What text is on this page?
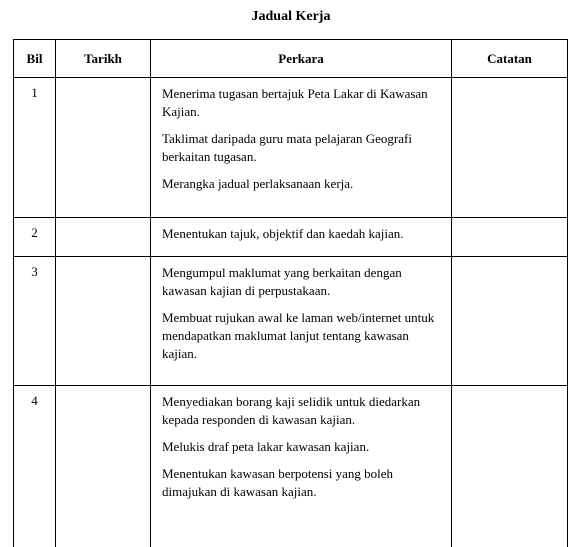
Jadual Kerja
Bil	Tarikh	Perkara	Catatan
1		Menerima tugasan bertajuk Peta Lakar di Kawasan Kajian.

Taklimat daripada guru mata pelajaran Geografi berkaitan tugasan.

Merangka jadual perlaksanaan kerja.	

2		Menentukan tajuk, objektif dan kaedah kajian.	

3		Mengumpul maklumat yang berkaitan dengan kawasan kajian di perpustakaan.

Membuat rujukan awal ke laman web/internet untuk mendapatkan maklumat lanjut tentang kawasan kajian.	

4		Menyediakan borang kaji selidik untuk diedarkan kepada responden di kawasan kajian.

Melukis draf peta lakar kawasan kajian.

Menentukan kawasan berpotensi yang boleh dimajukan di kawasan kajian.	
